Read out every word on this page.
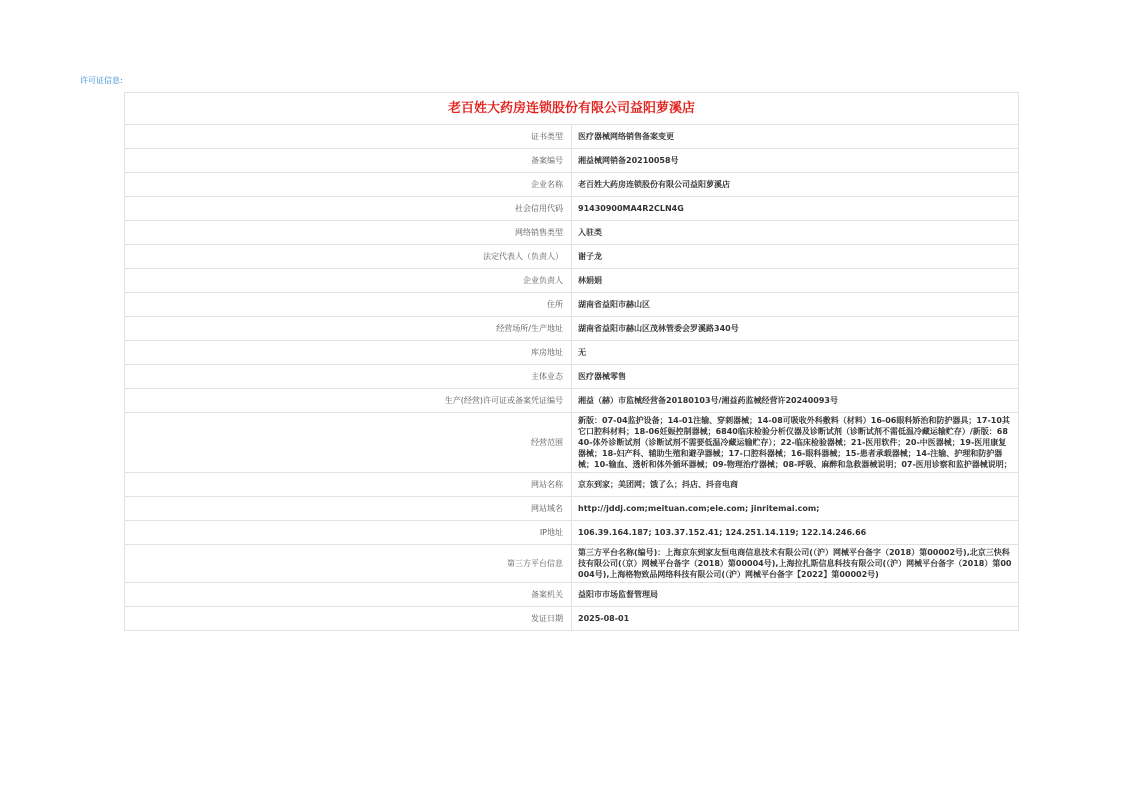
许可证信息:
老百姓大药房连锁股份有限公司益阳萝溪店	
证书类型	医疗器械网络销售备案变更
备案编号	湘益械网销备20210058号
企业名称	老百姓大药房连锁股份有限公司益阳萝溪店
社会信用代码	91430900MA4R2CLN4G
网络销售类型	入驻类
法定代表人（负责人）	谢子龙
企业负责人	林娟娟
住所	湖南省益阳市赫山区
经营场所/生产地址	湖南省益阳市赫山区茂林管委会罗溪路340号
库房地址	无
主体业态	医疗器械零售
生产(经营)许可证或备案凭证编号	湘益（赫）市监械经营备20180103号/湘益药监械经营许20240093号
经营范围	新版：07-04监护设备；14-01注输、穿刺器械；14-08可吸收外科敷料（材料）16-06眼科矫治和防护器具；17-10其它口腔科材料；18-06妊娠控制器械；6840临床检验分析仪器及诊断试剂（诊断试剂不需低温冷藏运输贮存）/新版：6840-体外诊断试剂（诊断试剂不需要低温冷藏运输贮存）；22-临床检验器械；21-医用软件；20-中医器械；19-医用康复器械；18-妇产科、辅助生殖和避孕器械；17-口腔科器械；16-眼科器械；15-患者承载器械；14-注输、护理和防护器械；10-输血、透析和体外循环器械；09-物理治疗器械；08-呼吸、麻醉和急救器械说明；07-医用诊察和监护器械说明；
网站名称	京东到家；美团网；饿了么；抖店、抖音电商
网站域名	http://jddj.com;meituan.com;ele.com; jinritemai.com;
IP地址	106.39.164.187; 103.37.152.41; 124.251.14.119; 122.14.246.66
第三方平台信息	第三方平台名称(编号)：上海京东到家友恒电商信息技术有限公司(（沪）网械平台备字（2018）第00002号),北京三快科技有限公司(（京）网械平台备字（2018）第00004号),上海拉扎斯信息科技有限公司(（沪）网械平台备字（2018）第00004号),上海格物致品网络科技有限公司(（沪）网械平台备字【2022】第00002号)
备案机关	益阳市市场监督管理局
发证日期	2025-08-01
